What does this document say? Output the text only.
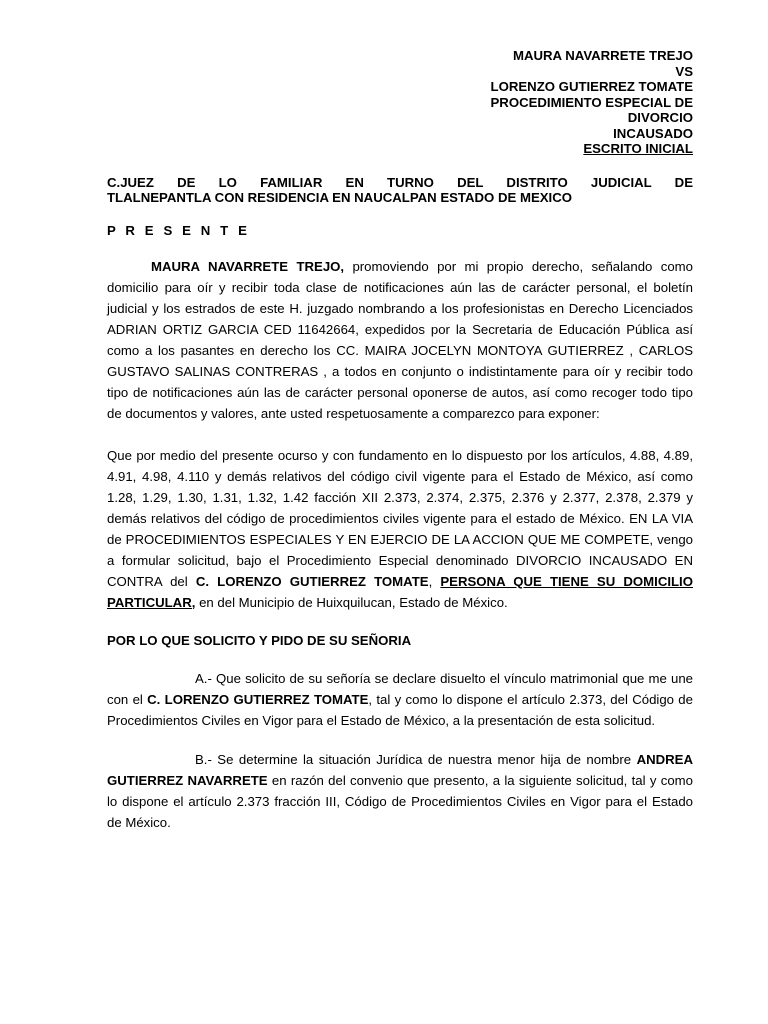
MAURA NAVARRETE TREJO
VS
LORENZO GUTIERREZ TOMATE
PROCEDIMIENTO ESPECIAL DE
DIVORCIO
INCAUSADO
ESCRITO INICIAL
C.JUEZ DE LO FAMILIAR EN TURNO DEL DISTRITO JUDICIAL DE
TLALNEPANTLA CON RESIDENCIA EN NAUCALPAN ESTADO DE MEXICO
P R E S E N T E

MAURA NAVARRETE TREJO, promoviendo por mi propio derecho, señalando como domicilio para oír y recibir toda clase de notificaciones aún las de carácter personal, el boletín judicial y los estrados de este H. juzgado nombrando a los profesionistas en Derecho Licenciados ADRIAN ORTIZ GARCIA CED 11642664, expedidos por la Secretaria de Educación Pública así como a los pasantes en derecho los CC. MAIRA JOCELYN MONTOYA GUTIERREZ , CARLOS GUSTAVO SALINAS CONTRERAS , a todos en conjunto o indistintamente para oír y recibir todo tipo de notificaciones aún las de carácter personal oponerse de autos, así como recoger todo tipo de documentos y valores, ante usted respetuosamente a comparezco para exponer:

Que por medio del presente ocurso y con fundamento en lo dispuesto por los artículos, 4.88, 4.89, 4.91, 4.98, 4.110 y demás relativos del código civil vigente para el Estado de México, así como 1.28, 1.29, 1.30, 1.31, 1.32, 1.42 facción XII 2.373, 2.374, 2.375, 2.376 y 2.377, 2.378, 2.379 y demás relativos del código de procedimientos civiles vigente para el estado de México. EN LA VIA de PROCEDIMIENTOS ESPECIALES Y EN EJERCIO DE LA ACCION QUE ME COMPETE, vengo a formular solicitud, bajo el Procedimiento Especial denominado DIVORCIO INCAUSADO EN CONTRA del C. LORENZO GUTIERREZ TOMATE, PERSONA QUE TIENE SU DOMICILIO PARTICULAR, en del Municipio de Huixquilucan, Estado de México.

POR LO QUE SOLICITO Y PIDO DE SU SEÑORIA

A.- Que solicito de su señoría se declare disuelto el vínculo matrimonial que me une con el C. LORENZO GUTIERREZ TOMATE, tal y como lo dispone el artículo 2.373, del Código de Procedimientos Civiles en Vigor para el Estado de México, a la presentación de esta solicitud.

B.- Se determine la situación Jurídica de nuestra menor hija de nombre ANDREA GUTIERREZ NAVARRETE en razón del convenio que presento, a la siguiente solicitud, tal y como lo dispone el artículo 2.373 fracción III, Código de Procedimientos Civiles en Vigor para el Estado de México.
